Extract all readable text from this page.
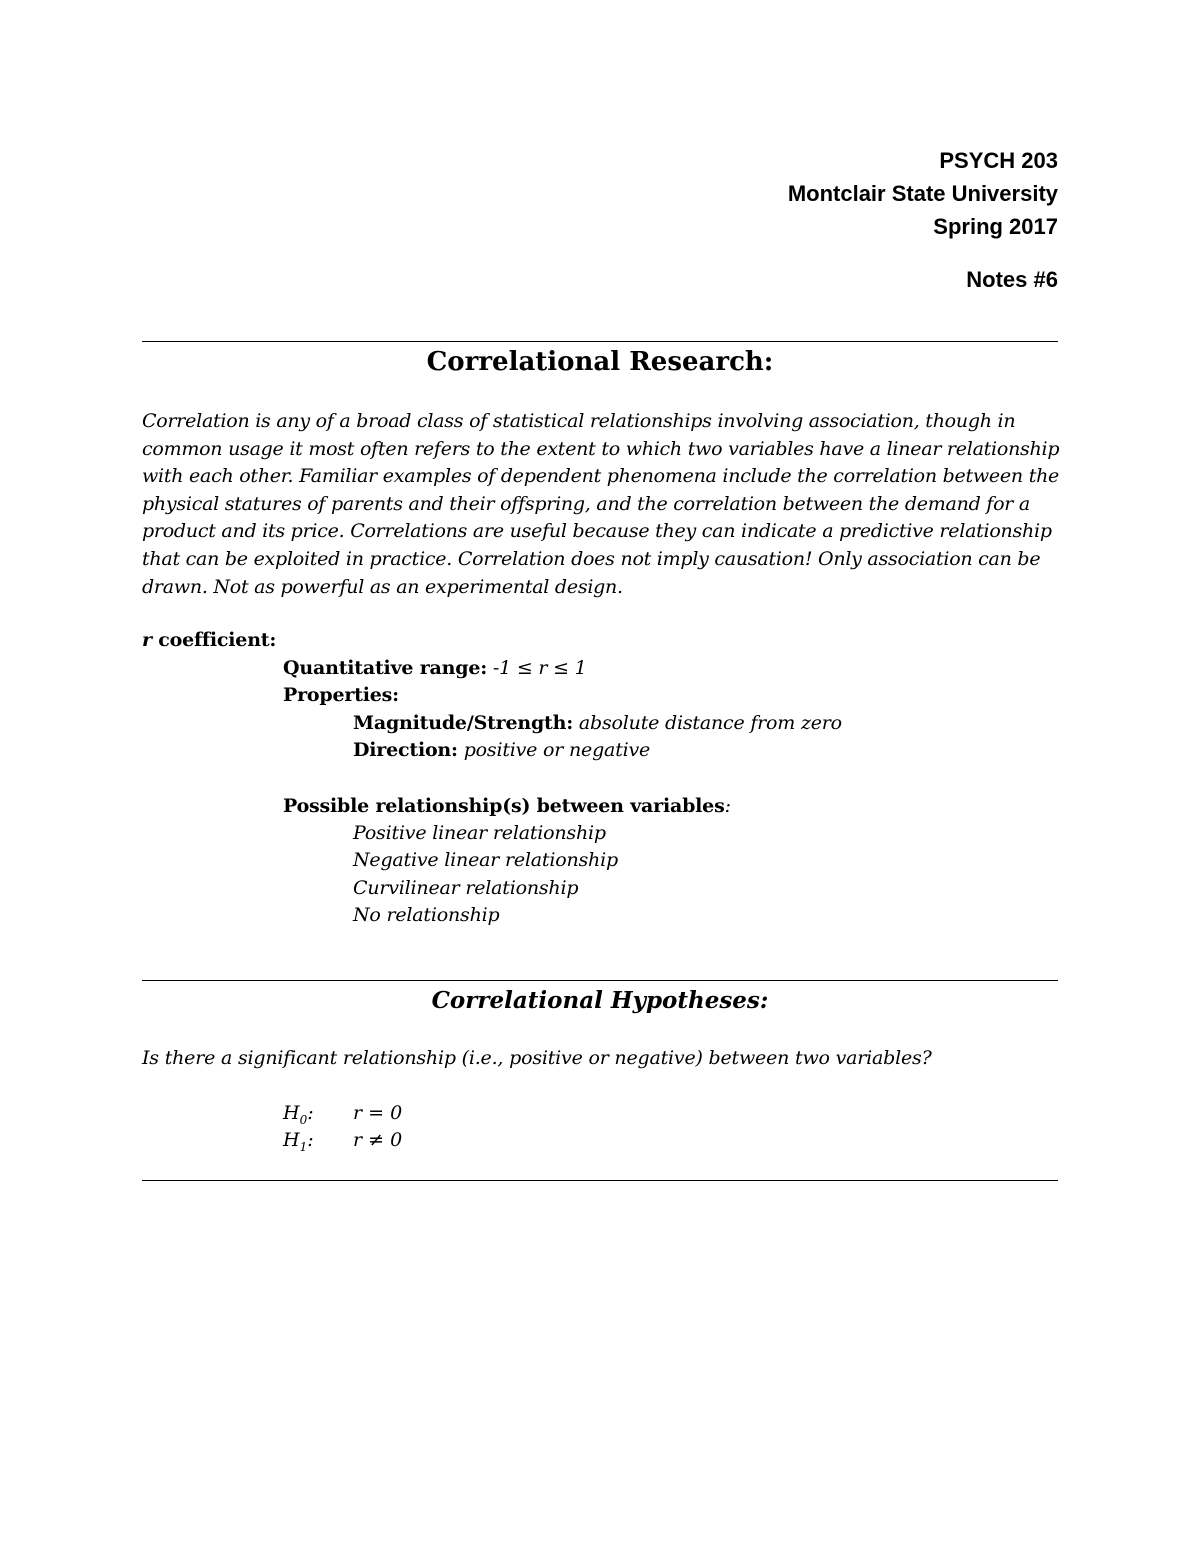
PSYCH 203
Montclair State University
Spring 2017
Notes #6
Correlational Research:
Correlation is any of a broad class of statistical relationships involving association, though in common usage it most often refers to the extent to which two variables have a linear relationship with each other. Familiar examples of dependent phenomena include the correlation between the physical statures of parents and their offspring, and the correlation between the demand for a product and its price. Correlations are useful because they can indicate a predictive relationship that can be exploited in practice. Correlation does not imply causation! Only association can be drawn. Not as powerful as an experimental design.
r coefficient:
Quantitative range: -1 ≤ r ≤ 1
Properties:
Magnitude/Strength: absolute distance from zero
Direction: positive or negative
Possible relationship(s) between variables:
Positive linear relationship
Negative linear relationship
Curvilinear relationship
No relationship
Correlational Hypotheses:
Is there a significant relationship (i.e., positive or negative) between two variables?
$H_0$: r = 0
$H_1$: r ≠ 0
